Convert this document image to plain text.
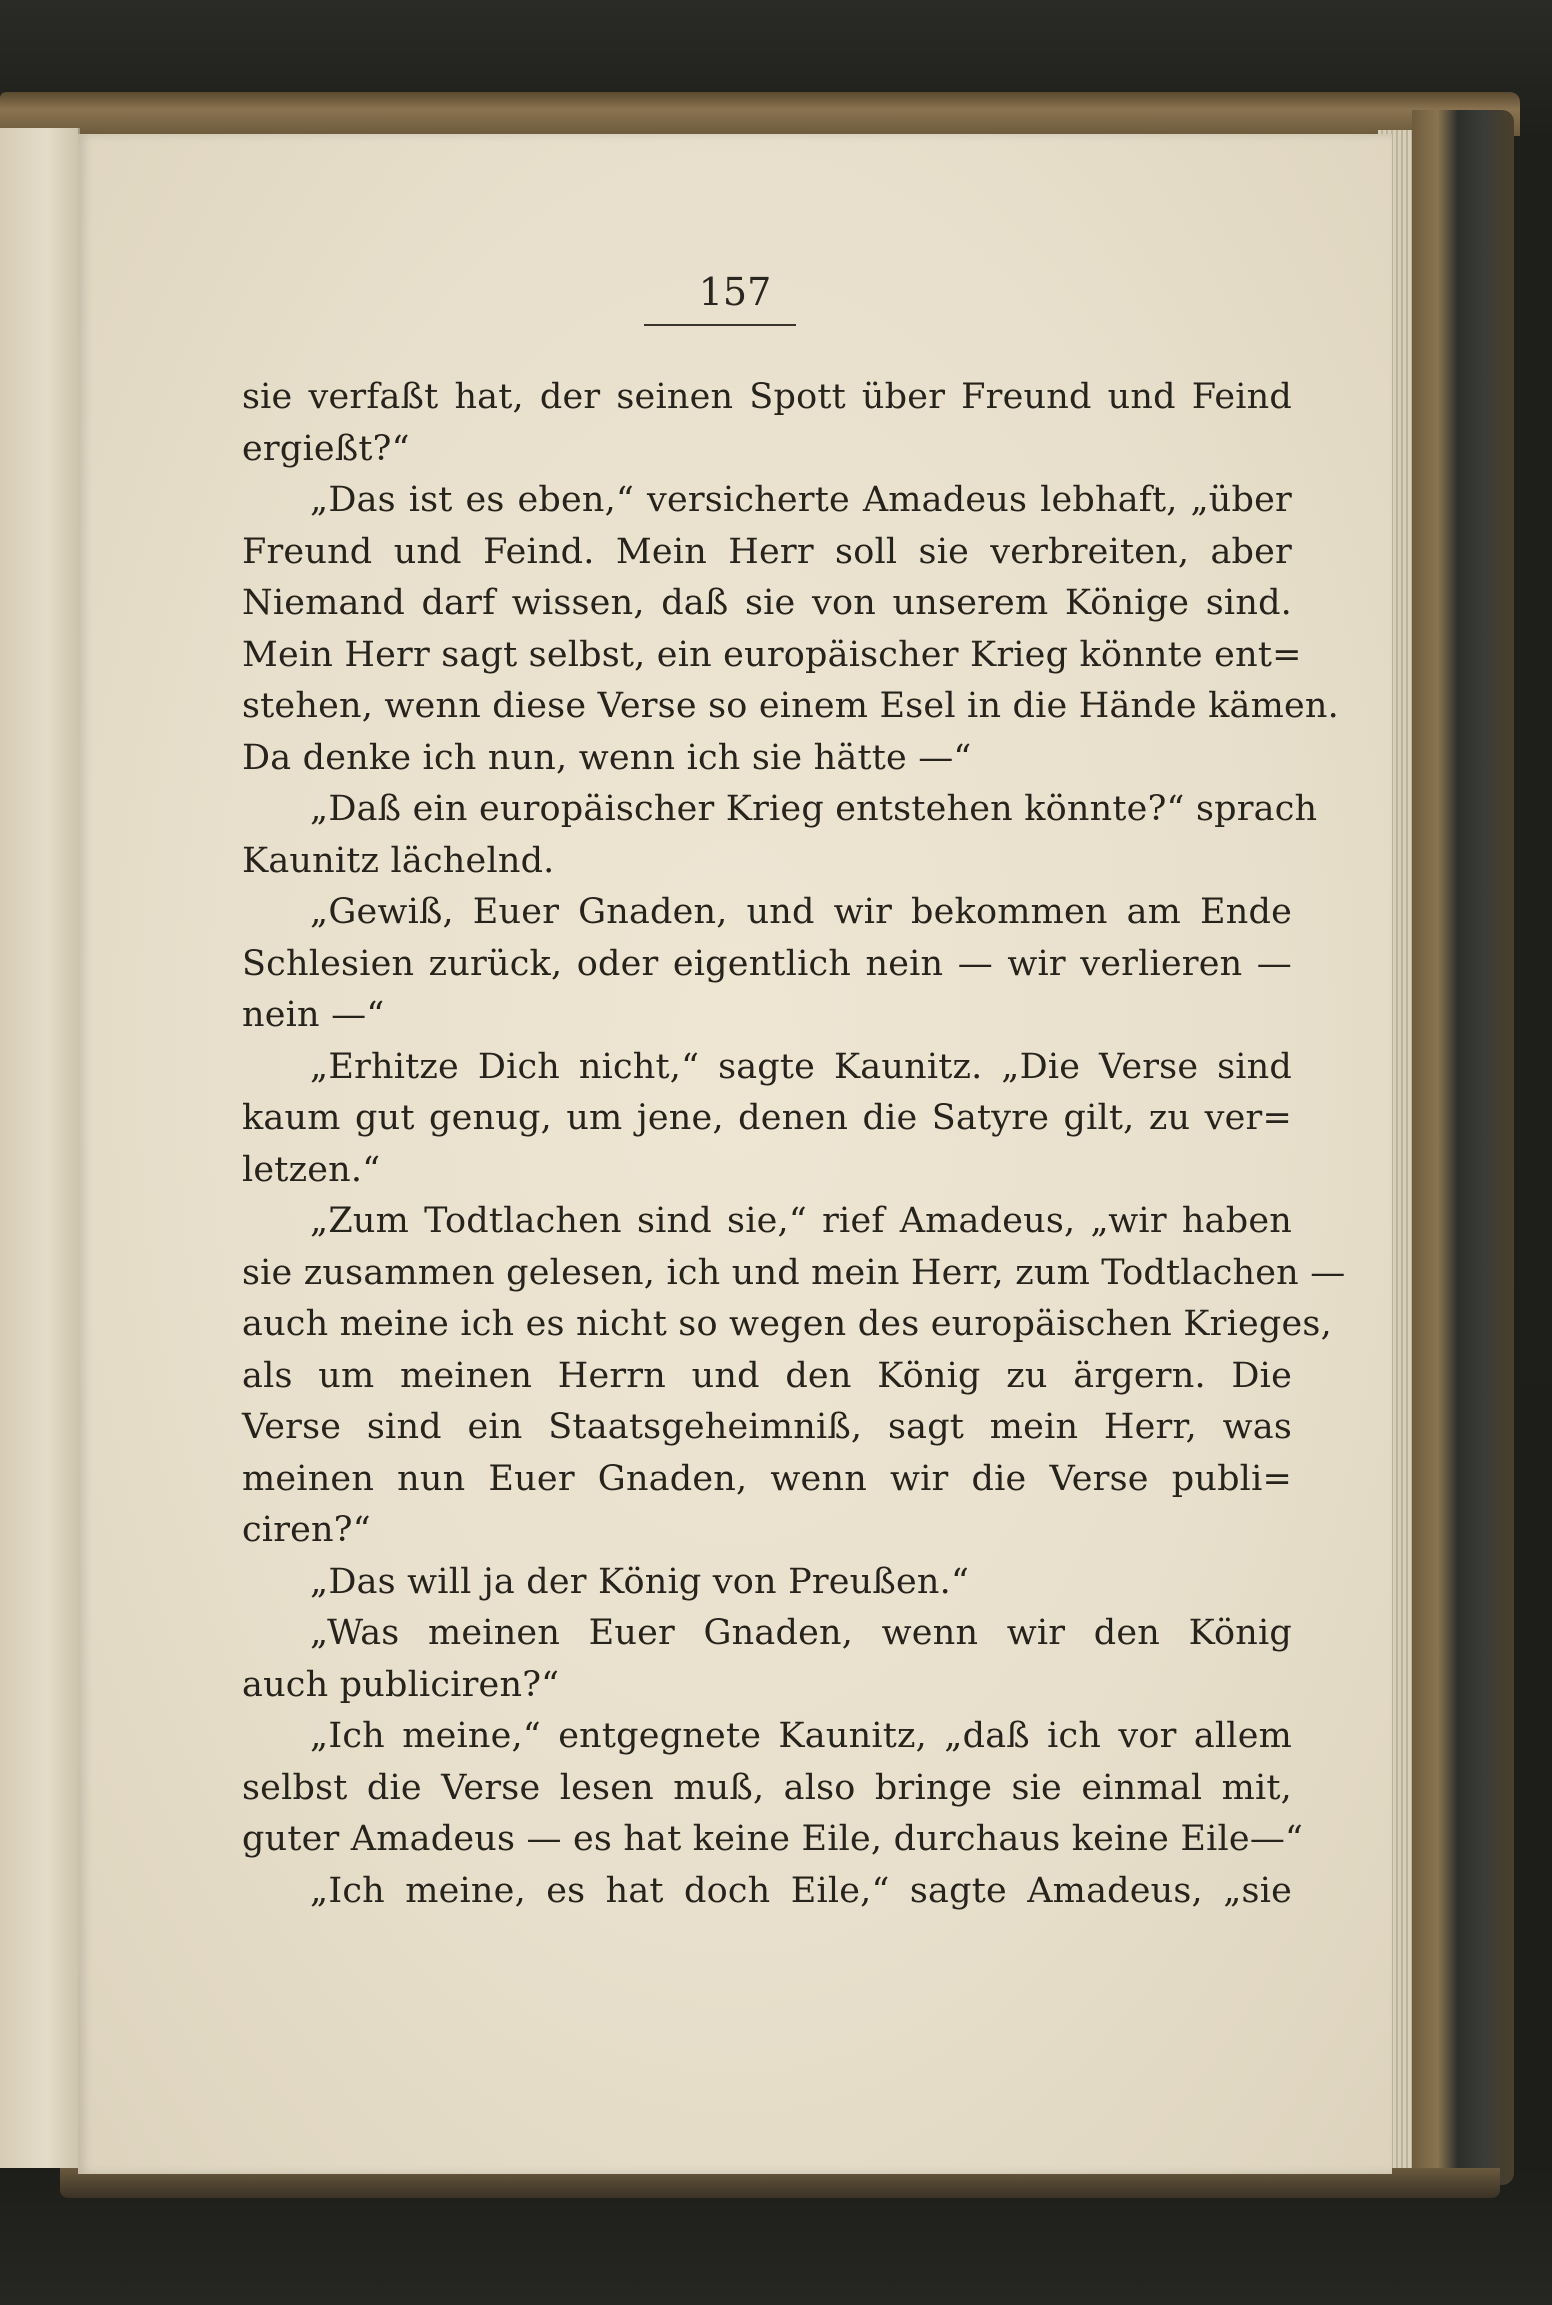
157
sie verfaßt hat, der seinen Spott über Freund und Feind
ergießt?“
„Das ist es eben,“ versicherte Amadeus lebhaft, „über
Freund und Feind. Mein Herr soll sie verbreiten, aber
Niemand darf wissen, daß sie von unserem Könige sind.
Mein Herr sagt selbst, ein europäischer Krieg könnte ent=
stehen, wenn diese Verse so einem Esel in die Hände kämen.
Da denke ich nun, wenn ich sie hätte —“
„Daß ein europäischer Krieg entstehen könnte?“ sprach
Kaunitz lächelnd.
„Gewiß, Euer Gnaden, und wir bekommen am Ende
Schlesien zurück, oder eigentlich nein — wir verlieren —
nein —“
„Erhitze Dich nicht,“ sagte Kaunitz. „Die Verse sind
kaum gut genug, um jene, denen die Satyre gilt, zu ver=
letzen.“
„Zum Todtlachen sind sie,“ rief Amadeus, „wir haben
sie zusammen gelesen, ich und mein Herr, zum Todtlachen —
auch meine ich es nicht so wegen des europäischen Krieges,
als um meinen Herrn und den König zu ärgern. Die
Verse sind ein Staatsgeheimniß, sagt mein Herr, was
meinen nun Euer Gnaden, wenn wir die Verse publi=
ciren?“
„Das will ja der König von Preußen.“
„Was meinen Euer Gnaden, wenn wir den König
auch publiciren?“
„Ich meine,“ entgegnete Kaunitz, „daß ich vor allem
selbst die Verse lesen muß, also bringe sie einmal mit,
guter Amadeus — es hat keine Eile, durchaus keine Eile—“
„Ich meine, es hat doch Eile,“ sagte Amadeus, „sie
